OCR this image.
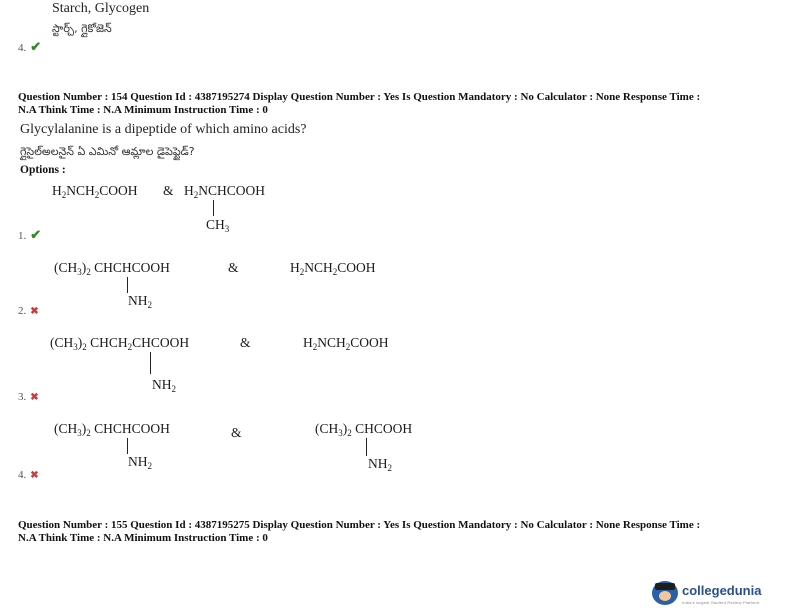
Starch, Glycogen
స్టార్చ్, గ్లైకోజెన్
4. ✔
Question Number : 154 Question Id : 4387195274 Display Question Number : Yes Is Question Mandatory : No Calculator : None Response Time :
N.A Think Time : N.A Minimum Instruction Time : 0
Glycylalanine is a dipeptide of which amino acids?
గ్లైసైల్అలనైన్ ఏ ఎమినో ఆమ్లాల డైపెప్టైడ్?
Options :
$H_2NCH_2COOH$ & $H_2NCHCOOH$
$CH_3$
1. ✔
$(CH_3)_2$ CHCHCOOH
$NH_2$
&	$H_2NCH_2COOH$
2. ✖
$(CH_3)_2$ $CHCH_2CHCOOH$
$NH_2$
&	$H_2NCH_2COOH$
3. ✖
$(CH_3)_2$ CHCHCOOH
$NH_2$
&	$(CH_3)_2$ CHCOOH
$NH_2$
4. ✖
Question Number : 155 Question Id : 4387195275 Display Question Number : Yes Is Question Mandatory : No Calculator : None Response Time :
N.A Think Time : N.A Minimum Instruction Time : 0
collegedunia
India's largest Student Review Platform
